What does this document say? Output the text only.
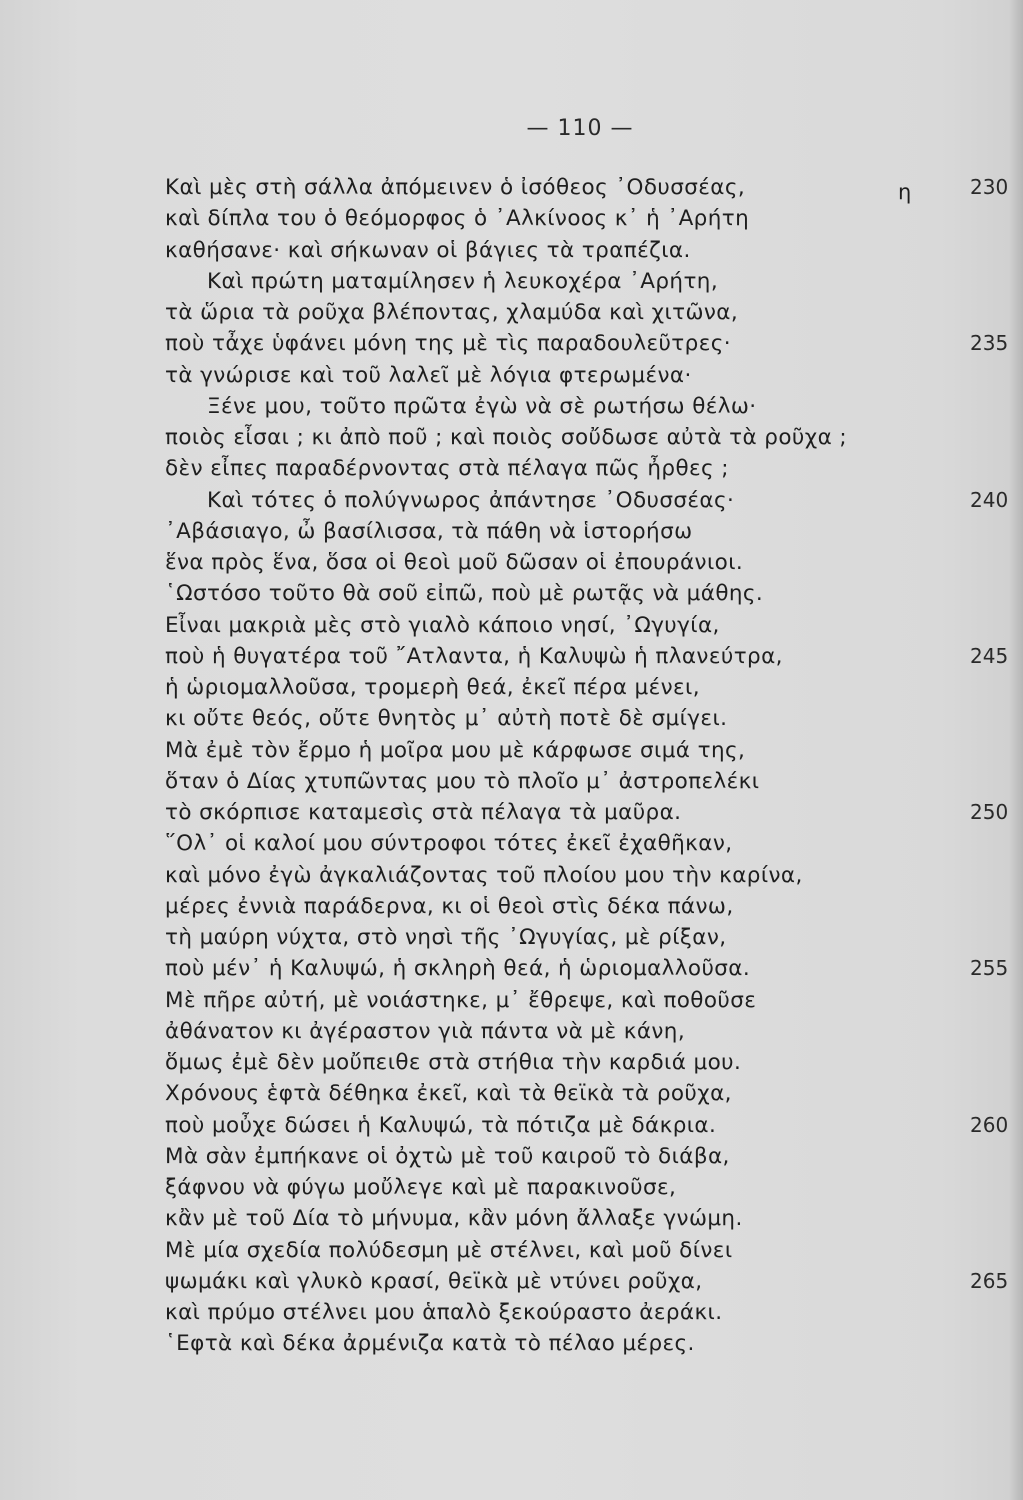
— 110 —
η
Καὶ μὲς στὴ σάλλα ἀπόμεινεν ὁ ἰσόθεος ᾿Οδυσσέας,	230
καὶ δίπλα του ὁ θεόμορφος ὁ ᾿Αλκίνοος κ᾿ ἡ ᾿Αρήτη
καθήσανε· καὶ σήκωναν οἱ βάγιες τὰ τραπέζια.
Καὶ πρώτη ματαμίλησεν ἡ λευκοχέρα ᾿Αρήτη,
τὰ ὥρια τὰ ροῦχα βλέποντας, χλαμύδα καὶ χιτῶνα,
ποὺ τἆχε ὑφάνει μόνη της μὲ τὶς παραδουλεῦτρες·	235
τὰ γνώρισε καὶ τοῦ λαλεῖ μὲ λόγια φτερωμένα·
Ξένε μου, τοῦτο πρῶτα ἐγὼ νὰ σὲ ρωτήσω θέλω·
ποιὸς εἶσαι ; κι ἀπὸ ποῦ ; καὶ ποιὸς σοὔδωσε αὐτὰ τὰ ροῦχα ;
δὲν εἶπες παραδέρνοντας στὰ πέλαγα πῶς ἦρθες ;
Καὶ τότες ὁ πολύγνωρος ἀπάντησε ᾿Οδυσσέας·	240
᾿Αβάσιαγο, ὦ βασίλισσα, τὰ πάθη νὰ ἱστορήσω
ἕνα πρὸς ἕνα, ὅσα οἱ θεοὶ μοῦ δῶσαν οἱ ἐπουράνιοι.
῾Ωστόσο τοῦτο θὰ σοῦ εἰπῶ, ποὺ μὲ ρωτᾷς νὰ μάθης.
Εἶναι μακριὰ μὲς στὸ γιαλὸ κάποιο νησί, ᾿Ωγυγία,
ποὺ ἡ θυγατέρα τοῦ ῎Ατλαντα, ἡ Καλυψὼ ἡ πλανεύτρα,	245
ἡ ὡριομαλλοῦσα, τρομερὴ θεά, ἐκεῖ πέρα μένει,
κι οὔτε θεός, οὔτε θνητὸς μ᾿ αὐτὴ ποτὲ δὲ σμίγει.
Μὰ ἐμὲ τὸν ἔρμο ἡ μοῖρα μου μὲ κάρφωσε σιμά της,
ὅταν ὁ Δίας χτυπῶντας μου τὸ πλοῖο μ᾿ ἀστροπελέκι
τὸ σκόρπισε καταμεσὶς στὰ πέλαγα τὰ μαῦρα.	250
῞Ολ᾿ οἱ καλοί μου σύντροφοι τότες ἐκεῖ ἐχαθῆκαν,
καὶ μόνο ἐγὼ ἀγκαλιάζοντας τοῦ πλοίου μου τὴν καρίνα,
μέρες ἐννιὰ παράδερνα, κι οἱ θεοὶ στὶς δέκα πάνω,
τὴ μαύρη νύχτα, στὸ νησὶ τῆς ᾿Ωγυγίας, μὲ ρίξαν,
ποὺ μέν᾿ ἡ Καλυψώ, ἡ σκληρὴ θεά, ἡ ὡριομαλλοῦσα.	255
Μὲ πῆρε αὐτή, μὲ νοιάστηκε, μ᾿ ἔθρεψε, καὶ ποθοῦσε
ἀθάνατον κι ἀγέραστον γιὰ πάντα νὰ μὲ κάνη,
ὅμως ἐμὲ δὲν μοὔπειθε στὰ στήθια τὴν καρδιά μου.
Χρόνους ἑφτὰ δέθηκα ἐκεῖ, καὶ τὰ θεϊκὰ τὰ ροῦχα,
ποὺ μοὖχε δώσει ἡ Καλυψώ, τὰ πότιζα μὲ δάκρια.	260
Μὰ σὰν ἐμπήκανε οἱ ὀχτὼ μὲ τοῦ καιροῦ τὸ διάβα,
ξάφνου νὰ φύγω μοὔλεγε καὶ μὲ παρακινοῦσε,
κἂν μὲ τοῦ Δία τὸ μήνυμα, κἂν μόνη ἄλλαξε γνώμη.
Μὲ μία σχεδία πολύδεσμη μὲ στέλνει, καὶ μοῦ δίνει
ψωμάκι καὶ γλυκὸ κρασί, θεϊκὰ μὲ ντύνει ροῦχα,	265
καὶ πρύμο στέλνει μου ἁπαλὸ ξεκούραστο ἀεράκι.
῾Εφτὰ καὶ δέκα ἀρμένιζα κατὰ τὸ πέλαο μέρες.
